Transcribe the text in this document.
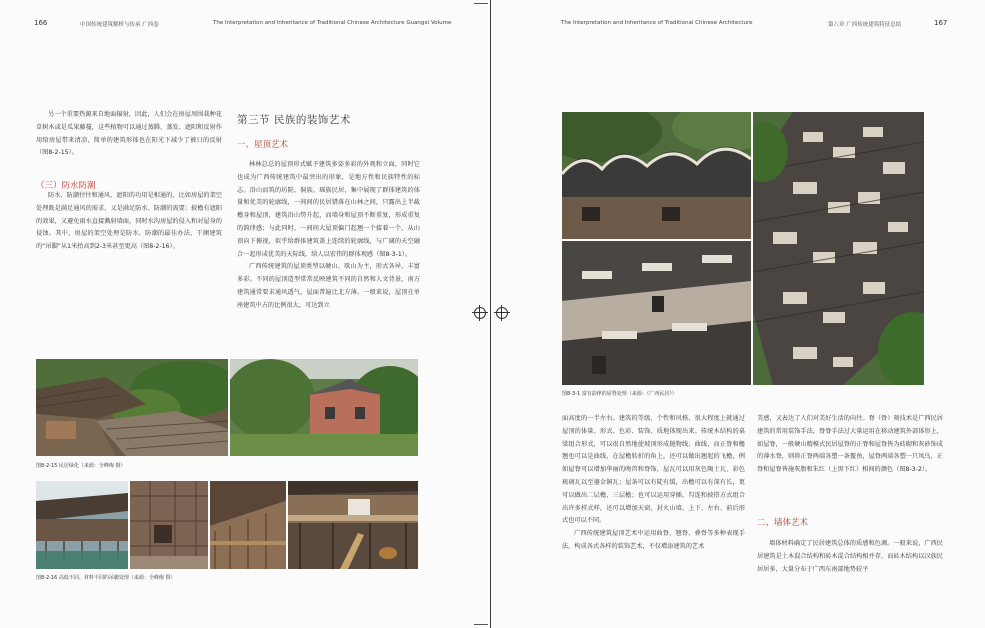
166	中国传统建筑解析与传承 广西卷	The Interpretation and Inheritance of Traditional Chinese Architecture Guangxi Volume

另一个重要热源来自地面辐射，因此，人们会在房屋周围栽种花草树木或是瓜果藤蔓，这些植物可以通过蒸腾、蒸发、遮阳和反射作用给房屋带来清凉，简单的建筑形体也在阳光下减少了被日的反射（图8-2-15）。

（三）防水防潮

防水、防潮往往和通风、遮阳的功用是相通的，比如房屋的架空处理既是满足通风的需求，又是满足防水、防潮的需要；披檐有遮阳的效果，又避免雨水直接溅射墙面，同时水沟房屋的侵入和对屋身的侵蚀。其中，房屋的架空处理是防水、防潮的最佳办法，干阑建筑的“吊脚”从1米抬高到2-3米甚至更高（图8-2-16）。

第三节 民族的装饰艺术
一、屋顶艺术

林林总总的屋顶形式赋予建筑多姿多彩的外观和立面，同时它也成为广西传统建筑中最突出的形象，是地方性和民族特性的标志。沿山而筑的坊院、侗族、瑶族民居，集中展现了群体建筑的体量和优美的轮廓线，一间间的民居错落在山林之间，只露出上半截檐身和屋顶，建筑沿山势升起，而墙身和屋顶不断重复，形成重复的韵律感；与此同时，一间间大屋顶偏门起翘一个接着一个，从山顶向下俯视，似乎给群体建筑盖上连续的轮廓线，与广阔的天空融合一起形成优美的天际线，给人以宏伟的群体观感（图8-3-1）。

广西传统建筑的屋顶类型以硬山、歇山为主，形式各异，丰富多彩。不同的屋顶造型常常反映建筑不同的自然和人文背景，南方建筑通常要求通风透气，屋面普遍比北方薄。一般来说，屋顶在单座建筑中占的比例很大，可达到立

图8-2-15 民居绿化（来源：全峰梅 摄）
图8-2-16 高低不同、材料不同的吊脚处理（来源：全峰梅 摄）
The Interpretation and Inheritance of Traditional Chinese Architecture	第八章 广西传统建筑特征总结	167
图8-3-1 富有韵律的屋脊处理（来源：《广西民居》）

面高度的一半左右。建筑的等级、个性和风格，很大程度上就通过屋顶的体量、形式、色彩、装饰、质地体现出来。传统木结构的桌梁组合形式，可以很自然地使坡顶形成抛物线、曲线，而正脊和檐翘也可以是曲线，在屋檐转折的角上，还可以做出翘起的飞檐，例如屋脊可以增加华丽的吻兽和脊饰，屋瓦可以用灰色陶土瓦、彩色琉璃瓦以至鎏金铜瓦；屋条可以有陡有缓，出檐可以有深有长，更可以做出二层檐、三层檐；也可以运用穿插、勾连和披搭方式组合出许多样式样，还可以增加天窗、封火山墙，上下、左右、前后形式也可以不同。

广西传统建筑屋顶艺术中运用曲脊、翘脊、叠脊等多种表现手法，构成各式各样的装饰艺术，不仅增添建筑的艺术

美感，又表达了人们对美好生活的向往。脊（脊）刻技术是广西民居建筑的常用装饰手法，脊脊手法过大量运用在移动建筑外部体形上，如屋脊，一般硬山精模式民居屋脊的正脊和屋脊皆为砖砌和灰砂饰成的薄水脊，则将正脊两端各塑一条鳌鱼，屋脊两端各塑一只凤鸟，正脊和屋脊皆施灰脂和朱红（上黑下红）相间的颜色（图8-3-2）。

二、墙体艺术

墙体材料确定了民居建筑总体的质感和色调。一般来说，广西民居建筑是土木混合结构和砖木混合结构相并存，而砖木结构以汉族民居居多，大量分布于广西东南部地势较平
